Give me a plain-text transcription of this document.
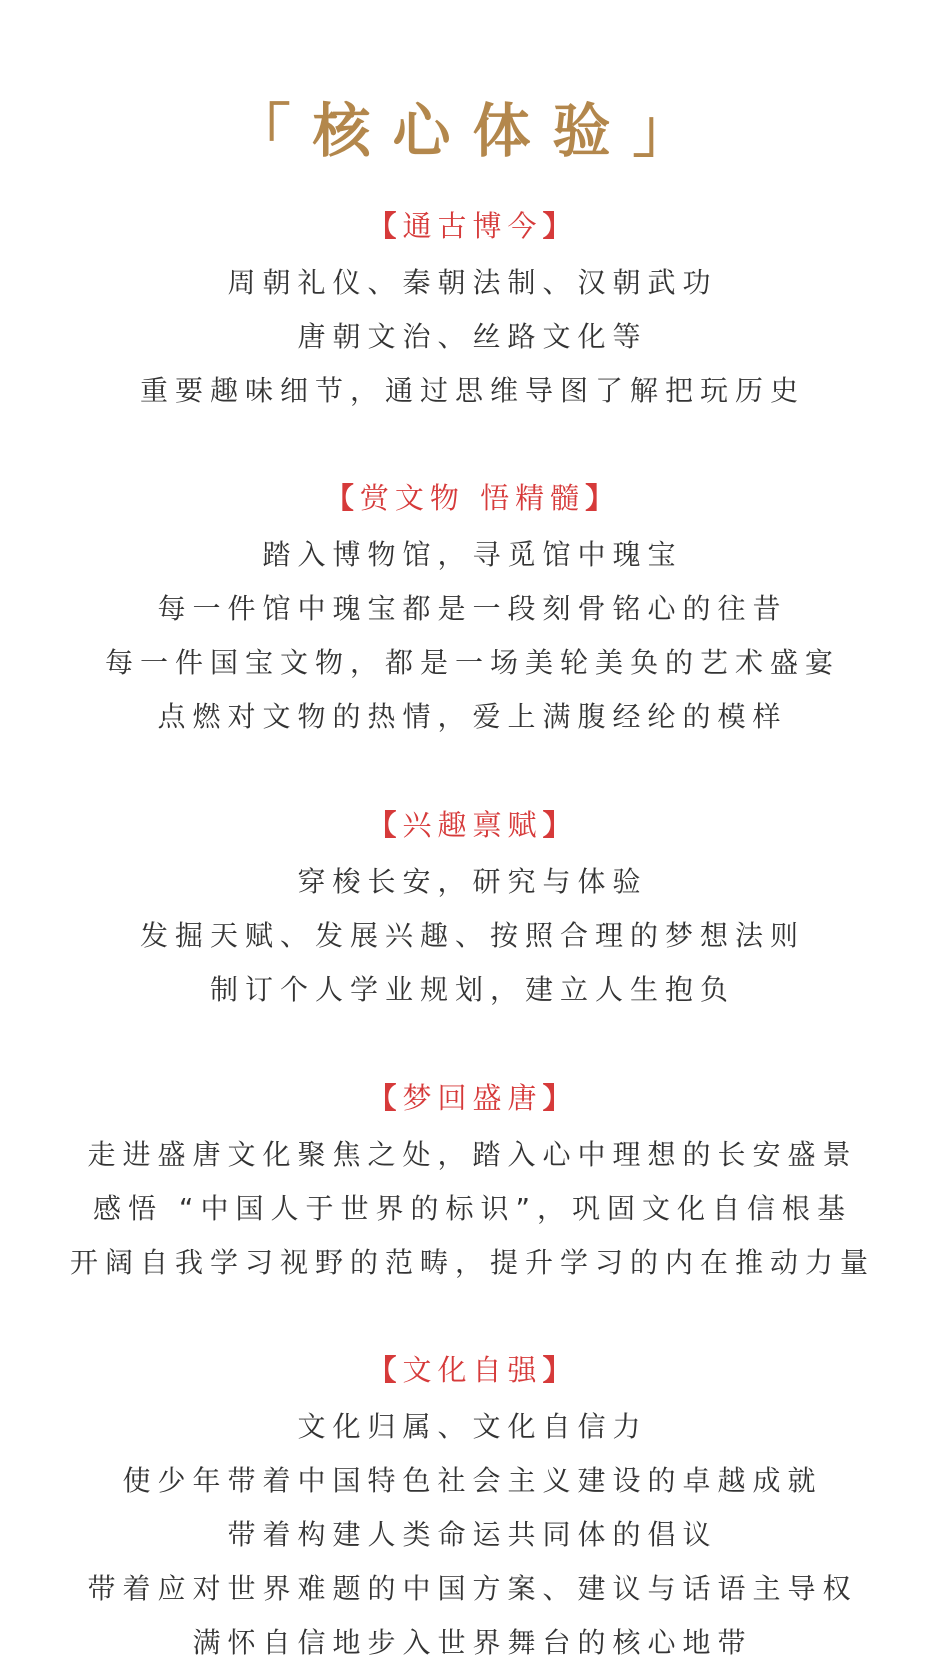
「核心体验」

【通古博今】

周朝礼仪、秦朝法制、汉朝武功

唐朝文治、丝路文化等

重要趣味细节，通过思维导图了解把玩历史

【赏文物 悟精髓】

踏入博物馆，寻觅馆中瑰宝

每一件馆中瑰宝都是一段刻骨铭心的往昔

每一件国宝文物，都是一场美轮美奂的艺术盛宴

点燃对文物的热情，爱上满腹经纶的模样

【兴趣禀赋】

穿梭长安，研究与体验

发掘天赋、发展兴趣、按照合理的梦想法则

制订个人学业规划，建立人生抱负

【梦回盛唐】

走进盛唐文化聚焦之处，踏入心中理想的长安盛景

感悟 “中国人于世界的标识”，巩固文化自信根基

开阔自我学习视野的范畴，提升学习的内在推动力量

【文化自强】

文化归属、文化自信力

使少年带着中国特色社会主义建设的卓越成就

带着构建人类命运共同体的倡议

带着应对世界难题的中国方案、建议与话语主导权

满怀自信地步入世界舞台的核心地带
